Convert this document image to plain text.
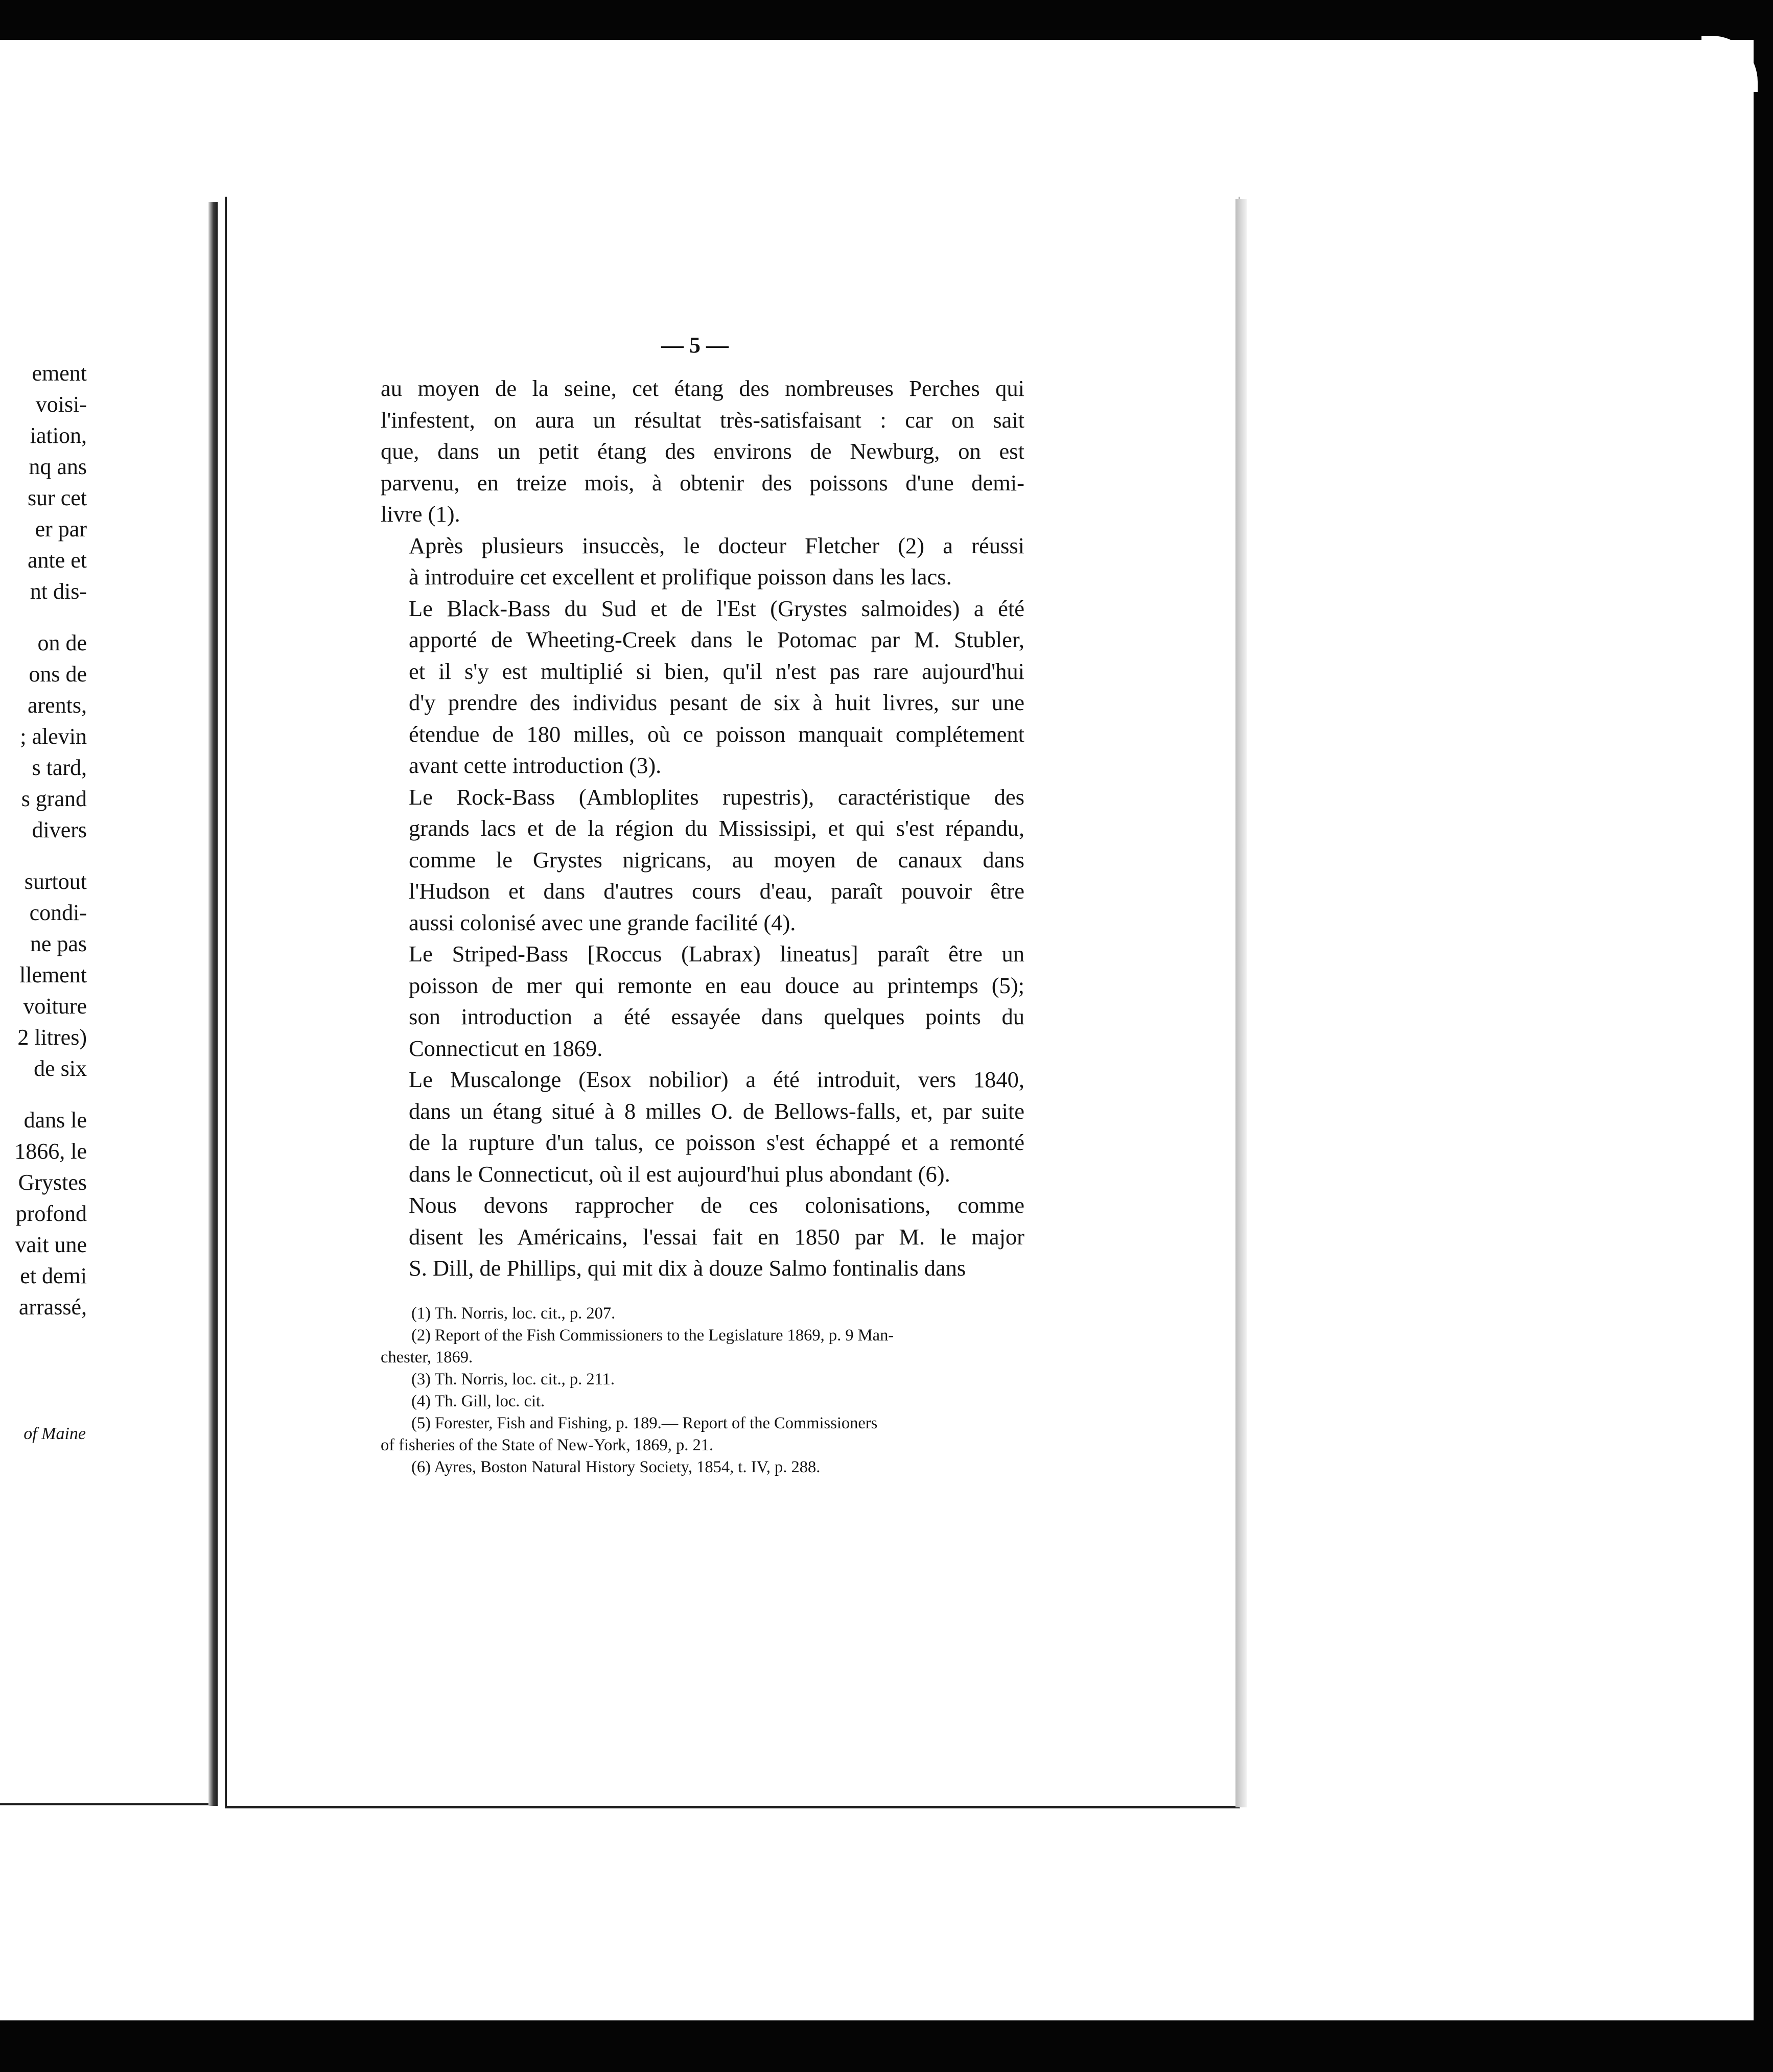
ement
voisi-
iation,
nq ans
sur cet
er par
ante et
nt dis-
on de
ons de
arents,
; alevin
s tard,
s grand
divers
surtout
condi-
ne pas
llement
voiture
2 litres)
de six
dans le
1866, le
Grystes
profond
vait une
et demi
arrassé,
of Maine
— 5 —

au moyen de la seine, cet étang des nombreuses Perches qui
l'infestent, on aura un résultat très-satisfaisant : car on sait
que, dans un petit étang des environs de Newburg, on est
parvenu, en treize mois, à obtenir des poissons d'une demi-
livre (1).

Après plusieurs insuccès, le docteur Fletcher (2) a réussi
à introduire cet excellent et prolifique poisson dans les lacs.

Le Black-Bass du Sud et de l'Est (Grystes salmoides) a été
apporté de Wheeting-Creek dans le Potomac par M. Stubler,
et il s'y est multiplié si bien, qu'il n'est pas rare aujourd'hui
d'y prendre des individus pesant de six à huit livres, sur une
étendue de 180 milles, où ce poisson manquait complétement
avant cette introduction (3).

Le Rock-Bass (Ambloplites rupestris), caractéristique des
grands lacs et de la région du Mississipi, et qui s'est répandu,
comme le Grystes nigricans, au moyen de canaux dans
l'Hudson et dans d'autres cours d'eau, paraît pouvoir être
aussi colonisé avec une grande facilité (4).

Le Striped-Bass [Roccus (Labrax) lineatus] paraît être un
poisson de mer qui remonte en eau douce au printemps (5);
son introduction a été essayée dans quelques points du
Connecticut en 1869.

Le Muscalonge (Esox nobilior) a été introduit, vers 1840,
dans un étang situé à 8 milles O. de Bellows-falls, et, par suite
de la rupture d'un talus, ce poisson s'est échappé et a remonté
dans le Connecticut, où il est aujourd'hui plus abondant (6).

Nous devons rapprocher de ces colonisations, comme
disent les Américains, l'essai fait en 1850 par M. le major
S. Dill, de Phillips, qui mit dix à douze Salmo fontinalis dans

(1) Th. Norris, loc. cit., p. 207.
(2) Report of the Fish Commissioners to the Legislature 1869, p. 9 Man-
chester, 1869.
(3) Th. Norris, loc. cit., p. 211.
(4) Th. Gill, loc. cit.
(5) Forester, Fish and Fishing, p. 189.— Report of the Commissioners
of fisheries of the State of New-York, 1869, p. 21.
(6) Ayres, Boston Natural History Society, 1854, t. IV, p. 288.
